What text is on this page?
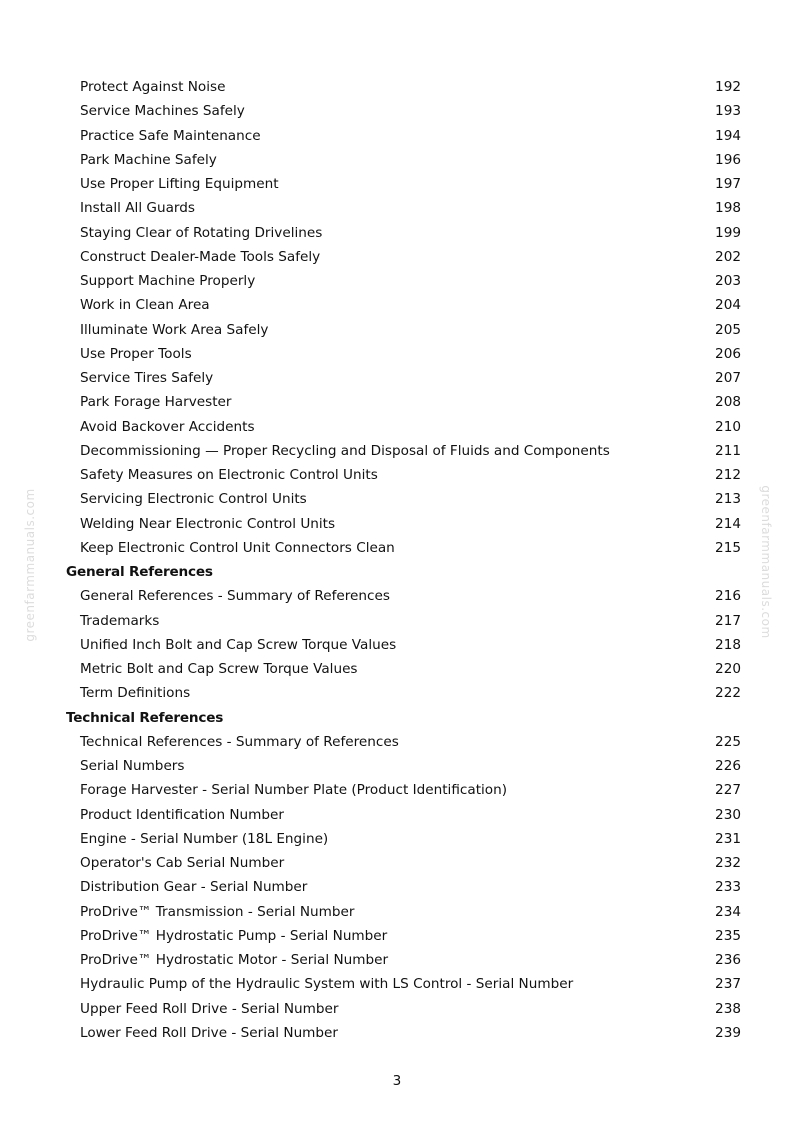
greenfarmmanuals.com	greenfarmmanuals.com
Protect Against Noise	192
Service Machines Safely	193
Practice Safe Maintenance	194
Park Machine Safely	196
Use Proper Lifting Equipment	197
Install All Guards	198
Staying Clear of Rotating Drivelines	199
Construct Dealer-Made Tools Safely	202
Support Machine Properly	203
Work in Clean Area	204
Illuminate Work Area Safely	205
Use Proper Tools	206
Service Tires Safely	207
Park Forage Harvester	208
Avoid Backover Accidents	210
Decommissioning — Proper Recycling and Disposal of Fluids and Components	211
Safety Measures on Electronic Control Units	212
Servicing Electronic Control Units	213
Welding Near Electronic Control Units	214
Keep Electronic Control Unit Connectors Clean	215
General References
General References - Summary of References	216
Trademarks	217
Unified Inch Bolt and Cap Screw Torque Values	218
Metric Bolt and Cap Screw Torque Values	220
Term Definitions	222
Technical References
Technical References - Summary of References	225
Serial Numbers	226
Forage Harvester - Serial Number Plate (Product Identification)	227
Product Identification Number	230
Engine - Serial Number (18L Engine)	231
Operator's Cab Serial Number	232
Distribution Gear - Serial Number	233
ProDrive™ Transmission - Serial Number	234
ProDrive™ Hydrostatic Pump - Serial Number	235
ProDrive™ Hydrostatic Motor - Serial Number	236
Hydraulic Pump of the Hydraulic System with LS Control - Serial Number	237
Upper Feed Roll Drive - Serial Number	238
Lower Feed Roll Drive - Serial Number	239
3
